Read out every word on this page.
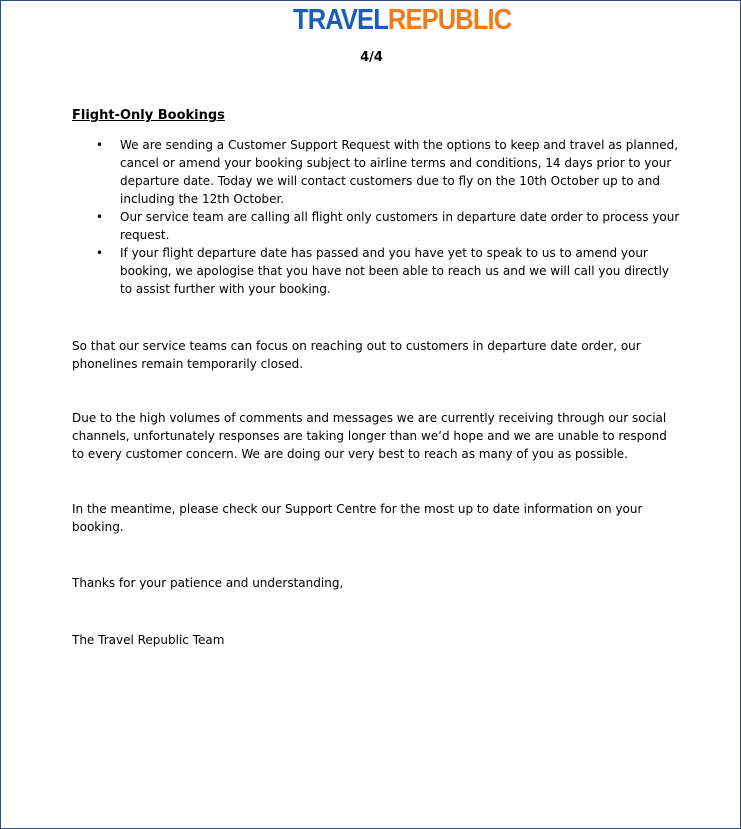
TRAVELREPUBLIC
4/4
Flight-Only Bookings
• We are sending a Customer Support Request with the options to keep and travel as planned, cancel or amend your booking subject to airline terms and conditions, 14 days prior to your departure date. Today we will contact customers due to fly on the 10th October up to and including the 12th October.
• Our service team are calling all flight only customers in departure date order to process your request.
• If your flight departure date has passed and you have yet to speak to us to amend your booking, we apologise that you have not been able to reach us and we will call you directly to assist further with your booking.

So that our service teams can focus on reaching out to customers in departure date order, our phonelines remain temporarily closed.

Due to the high volumes of comments and messages we are currently receiving through our social channels, unfortunately responses are taking longer than we’d hope and we are unable to respond to every customer concern. We are doing our very best to reach as many of you as possible.

In the meantime, please check our Support Centre for the most up to date information on your booking.

Thanks for your patience and understanding,

The Travel Republic Team
